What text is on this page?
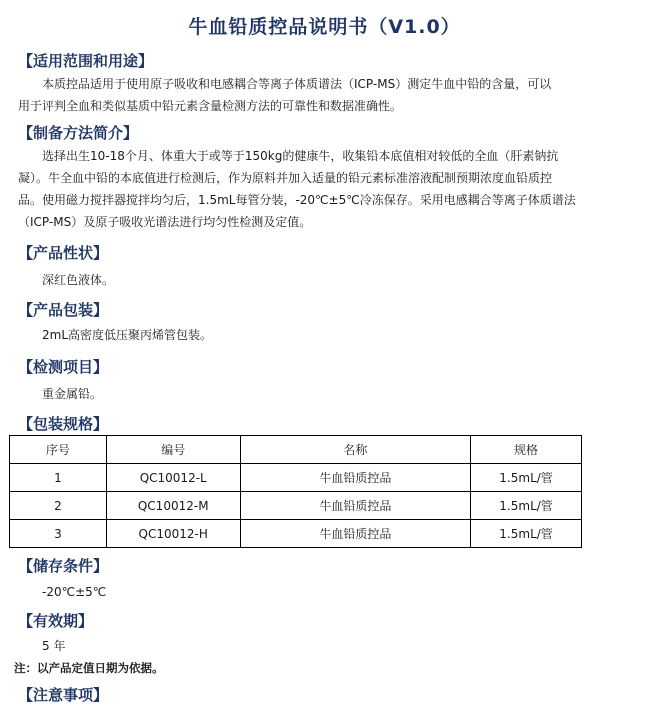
牛血铅质控品说明书（V1.0）
【适用范围和用途】
本质控品适用于使用原子吸收和电感耦合等离子体质谱法（ICP-MS）测定牛血中铅的含量，可以
用于评判全血和类似基质中铅元素含量检测方法的可靠性和数据准确性。
【制备方法简介】
选择出生10-18个月、体重大于或等于150kg的健康牛，收集铅本底值相对较低的全血（肝素钠抗
凝）。牛全血中铅的本底值进行检测后，作为原料并加入适量的铅元素标准溶液配制预期浓度血铅质控
品。使用磁力搅拌器搅拌均匀后，1.5mL每管分装，-20℃±5℃冷冻保存。采用电感耦合等离子体质谱法
（ICP-MS）及原子吸收光谱法进行均匀性检测及定值。
【产品性状】
深红色液体。
【产品包装】
2mL高密度低压聚丙烯管包装。
【检测项目】
重金属铅。
【包装规格】
序号	编号	名称	规格
1	QC10012-L	牛血铅质控品	1.5mL/管
2	QC10012-M	牛血铅质控品	1.5mL/管
3	QC10012-H	牛血铅质控品	1.5mL/管
【储存条件】
-20℃±5℃
【有效期】
5 年
注：以产品定值日期为依据。
【注意事项】
